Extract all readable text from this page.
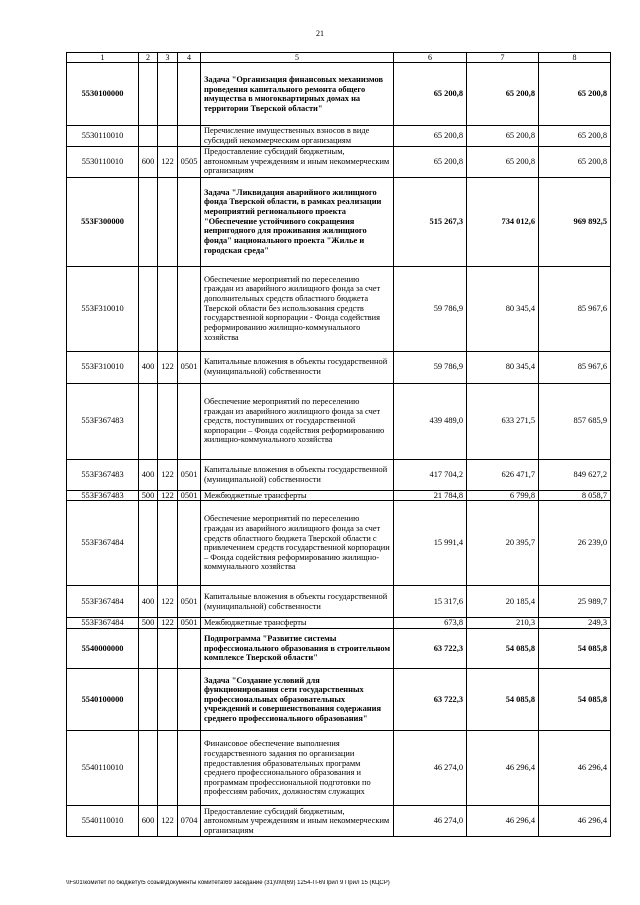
21
1	2	3	4	5	6	7	8
5530100000				Задача "Организация финансовых механизмов проведения капитального ремонта общего имущества в многоквартирных домах на территории Тверской области"	65 200,8	65 200,8	65 200,8
5530110010				Перечисление имущественных взносов в виде субсидий некоммерческим организациям	65 200,8	65 200,8	65 200,8
5530110010	600	122	0505	Предоставление субсидий бюджетным, автономным учреждениям и иным некоммерческим организациям	65 200,8	65 200,8	65 200,8
553F300000				Задача "Ликвидация аварийного жилищного фонда Тверской области, в рамках реализации мероприятий регионального проекта "Обеспечение устойчивого сокращения непригодного для проживания жилищного фонда" национального проекта "Жилье и городская среда"	515 267,3	734 012,6	969 892,5
553F310010				Обеспечение мероприятий по переселению граждан из аварийного жилищного фонда за счет дополнительных средств областного бюджета Тверской области без использования средств государственной корпорации - Фонда содействия реформированию жилищно-коммунального хозяйства	59 786,9	80 345,4	85 967,6
553F310010	400	122	0501	Капитальные вложения в объекты государственной (муниципальной) собственности	59 786,9	80 345,4	85 967,6
553F367483				Обеспечение мероприятий по переселению граждан из аварийного жилищного фонда за счет средств, поступивших от государственной корпорации – Фонда содействия реформированию жилищно-коммунального хозяйства	439 489,0	633 271,5	857 685,9
553F367483	400	122	0501	Капитальные вложения в объекты государственной (муниципальной) собственности	417 704,2	626 471,7	849 627,2
553F367483	500	122	0501	Межбюджетные трансферты	21 784,8	6 799,8	8 058,7
553F367484				Обеспечение мероприятий по переселению граждан из аварийного жилищного фонда за счет средств областного бюджета Тверской области с привлечением средств государственной корпорации – Фонда содействия реформированию жилищно-коммунального хозяйства	15 991,4	20 395,7	26 239,0
553F367484	400	122	0501	Капитальные вложения в объекты государственной (муниципальной) собственности	15 317,6	20 185,4	25 989,7
553F367484	500	122	0501	Межбюджетные трансферты	673,8	210,3	249,3
5540000000				Подпрограмма "Развитие системы профессионального образования в строительном комплексе Тверской области"	63 722,3	54 085,8	54 085,8
5540100000				Задача "Создание условий для функционирования сети государственных профессиональных образовательных учреждений и совершенствования содержания среднего профессионального образования"	63 722,3	54 085,8	54 085,8
5540110010				Финансовое обеспечение выполнения государственного задания по организации предоставления образовательных программ среднего профессионального образования и программам профессиональной подготовки по профессиям рабочих, должностям служащих	46 274,0	46 296,4	46 296,4
5540110010	600	122	0704	Предоставление субсидий бюджетным, автономным учреждениям и иным некоммерческим организациям	46 274,0	46 296,4	46 296,4
\\Fs01\комитет по бюджету\5 созыв\Документы комитета\69 заседание (31)\п\п(69) 1254-П-6\Прил 9 Прил 15 (КЦСР)
